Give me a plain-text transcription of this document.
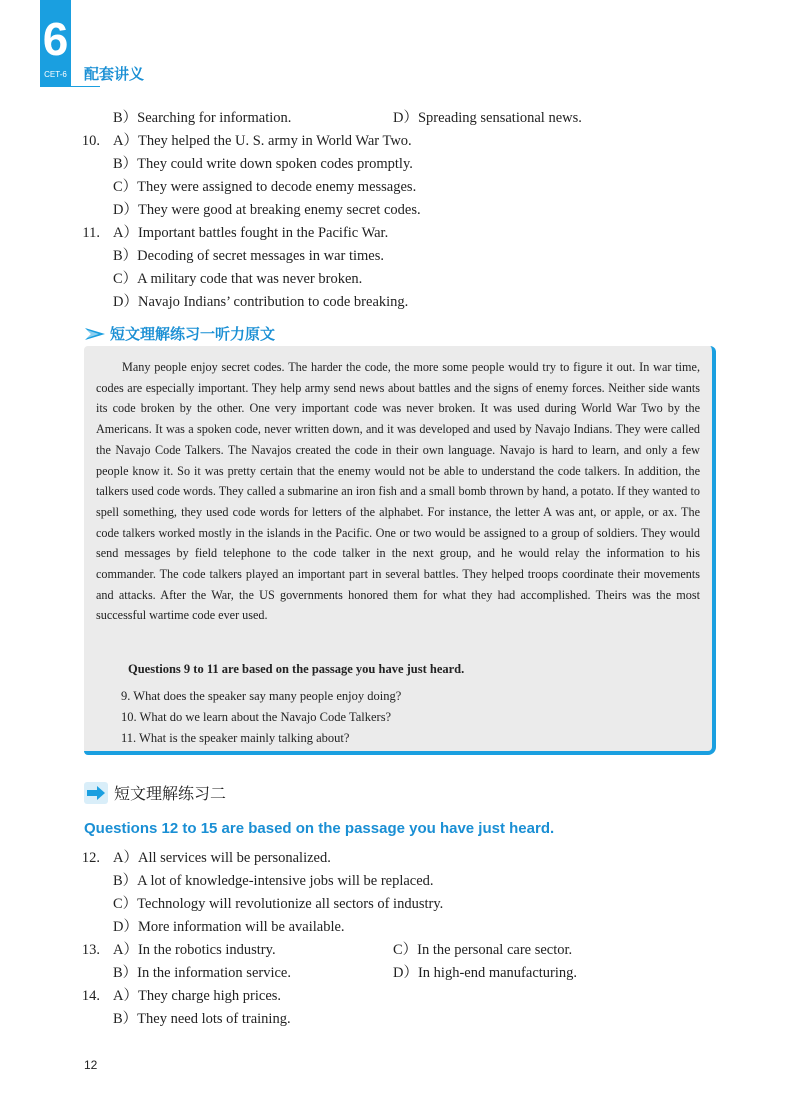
6
CET-6 配套讲义
B）Searching for information.	D）Spreading sensational news.
10. A）They helped the U. S. army in World War Two.
B）They could write down spoken codes promptly.
C）They were assigned to decode enemy messages.
D）They were good at breaking enemy secret codes.
11. A）Important battles fought in the Pacific War.
B）Decoding of secret messages in war times.
C）A military code that was never broken.
D）Navajo Indians’ contribution to code breaking.
短文理解练习一听力原文
Many people enjoy secret codes. The harder the code, the more some people would try to figure it out. In war time, codes are especially important. They help army send news about battles and the signs of enemy forces. Neither side wants its code broken by the other. One very important code was never broken. It was used during World War Two by the Americans. It was a spoken code, never written down, and it was developed and used by Navajo Indians. They were called the Navajo Code Talkers. The Navajos created the code in their own language. Navajo is hard to learn, and only a few people know it. So it was pretty certain that the enemy would not be able to understand the code talkers. In addition, the talkers used code words. They called a submarine an iron fish and a small bomb thrown by hand, a potato. If they wanted to spell something, they used code words for letters of the alphabet. For instance, the letter A was ant, or apple, or ax. The code talkers worked mostly in the islands in the Pacific. One or two would be assigned to a group of soldiers. They would send messages by field telephone to the code talker in the next group, and he would relay the information to his commander. The code talkers played an important part in several battles. They helped troops coordinate their movements and attacks. After the War, the US governments honored them for what they had accomplished. Theirs was the most successful wartime code ever used.
Questions 9 to 11 are based on the passage you have just heard.
9. What does the speaker say many people enjoy doing?
10. What do we learn about the Navajo Code Talkers?
11. What is the speaker mainly talking about?
短文理解练习二
Questions 12 to 15 are based on the passage you have just heard.
12. A）All services will be personalized.
B）A lot of knowledge-intensive jobs will be replaced.
C）Technology will revolutionize all sectors of industry.
D）More information will be available.
13. A）In the robotics industry.	C）In the personal care sector.
B）In the information service.	D）In high-end manufacturing.
14. A）They charge high prices.
B）They need lots of training.
12
